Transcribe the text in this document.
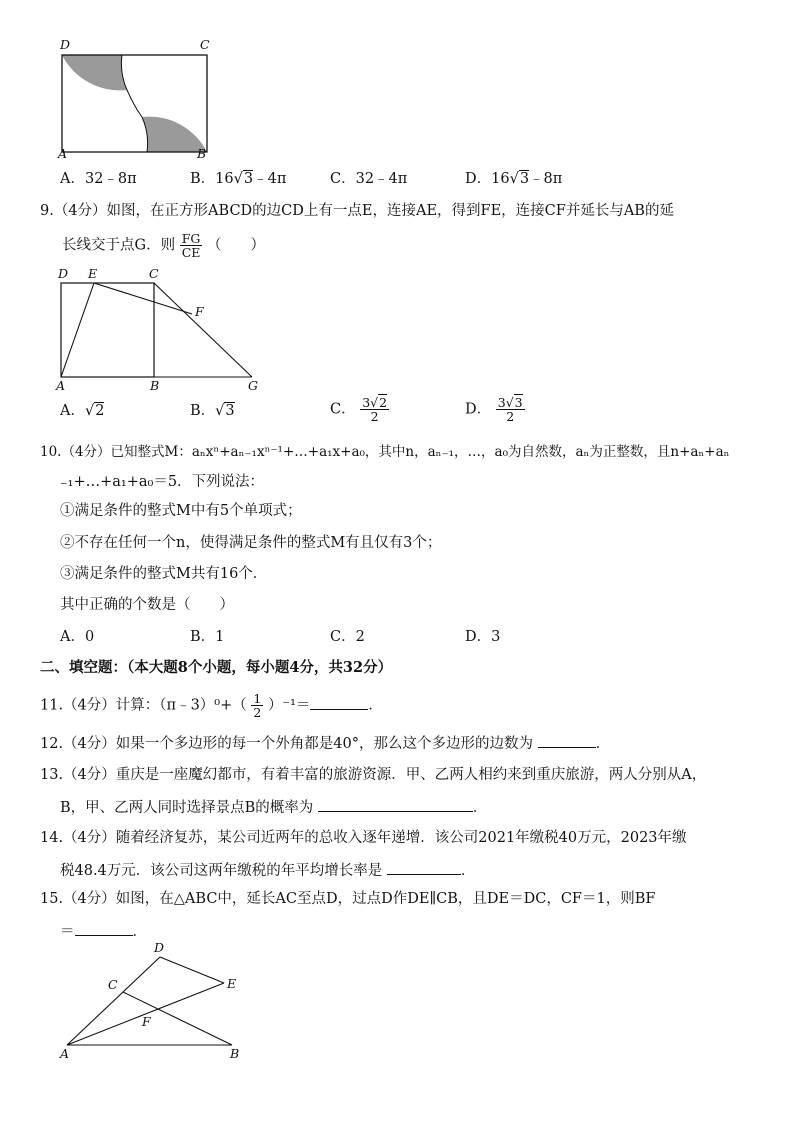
D	C
A	B
A．32﹣8π	B．16√3﹣4π	C．32﹣4π	D．16√3﹣8π
9.（4分）如图，在正方形ABCD的边CD上有一点E，连接AE，得到FE，连接CF并延长与AB的延
长线交于点G．则 $\frac{FG}{CE}$ （　　）
D E	C
F
A	B	G
A．√2	B．√3	C． $\frac{3√2}{2}$	D． $\frac{3√3}{2}$
10.（4分）已知整式M：aₙxⁿ+aₙ₋₁xⁿ⁻¹+…+a₁x+a₀，其中n，aₙ₋₁，…，a₀为自然数，aₙ为正整数，且n+aₙ+aₙ
₋₁+…+a₁+a₀＝5．下列说法：
①满足条件的整式M中有5个单项式；
②不存在任何一个n，使得满足条件的整式M有且仅有3个；
③满足条件的整式M共有16个．
其中正确的个数是（　　）
A．0	B．1	C．2	D．3
二、填空题：（本大题8个小题，每小题4分，共32分）
11.（4分）计算：（π﹣3）⁰+（ $\frac{1}{2} )^{-1}=$	．
12.（4分）如果一个多边形的每一个外角都是40°，那么这个多边形的边数为	．
13.（4分）重庆是一座魔幻都市，有着丰富的旅游资源．甲、乙两人相约来到重庆旅游，两人分别从A，
B，甲、乙两人同时选择景点B的概率为	．
14.（4分）随着经济复苏，某公司近两年的总收入逐年递增．该公司2021年缴税40万元，2023年缴
税48.4万元．该公司这两年缴税的年平均增长率是	．
15.（4分）如图，在△ABC中，延长AC至点D，过点D作DE∥CB，且DE＝DC，CF＝1，则BF
＝	．
D
E
C
F
A	B
